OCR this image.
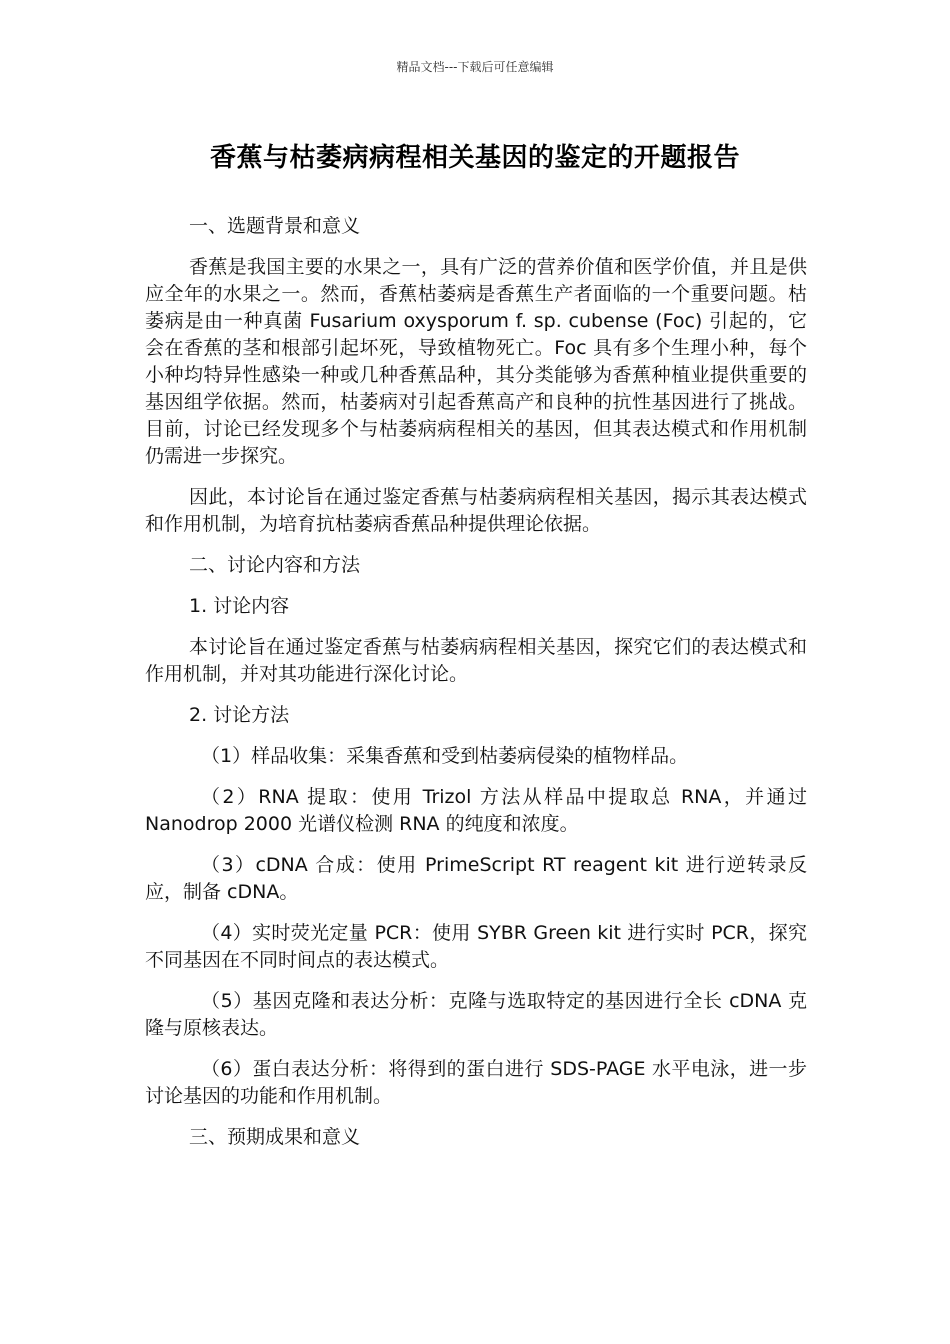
精品文档---下载后可任意编辑
香蕉与枯萎病病程相关基因的鉴定的开题报告

一、选题背景和意义

香蕉是我国主要的水果之一，具有广泛的营养价值和医学价值，并且是供应全年的水果之一。然而，香蕉枯萎病是香蕉生产者面临的一个重要问题。枯萎病是由一种真菌 Fusarium oxysporum f. sp. cubense (Foc) 引起的，它会在香蕉的茎和根部引起坏死，导致植物死亡。Foc 具有多个生理小种，每个小种均特异性感染一种或几种香蕉品种，其分类能够为香蕉种植业提供重要的基因组学依据。然而，枯萎病对引起香蕉高产和良种的抗性基因进行了挑战。目前，讨论已经发现多个与枯萎病病程相关的基因，但其表达模式和作用机制仍需进一步探究。

因此，本讨论旨在通过鉴定香蕉与枯萎病病程相关基因，揭示其表达模式和作用机制，为培育抗枯萎病香蕉品种提供理论依据。

二、讨论内容和方法

1. 讨论内容

本讨论旨在通过鉴定香蕉与枯萎病病程相关基因，探究它们的表达模式和作用机制，并对其功能进行深化讨论。

2. 讨论方法

（1）样品收集：采集香蕉和受到枯萎病侵染的植物样品。

（2）RNA 提取：使用 Trizol 方法从样品中提取总 RNA，并通过 Nanodrop 2000 光谱仪检测 RNA 的纯度和浓度。

（3）cDNA 合成：使用 PrimeScript RT reagent kit 进行逆转录反应，制备 cDNA。

（4）实时荧光定量 PCR：使用 SYBR Green kit 进行实时 PCR，探究不同基因在不同时间点的表达模式。

（5）基因克隆和表达分析：克隆与选取特定的基因进行全长 cDNA 克隆与原核表达。

（6）蛋白表达分析：将得到的蛋白进行 SDS-PAGE 水平电泳，进一步讨论基因的功能和作用机制。

三、预期成果和意义
